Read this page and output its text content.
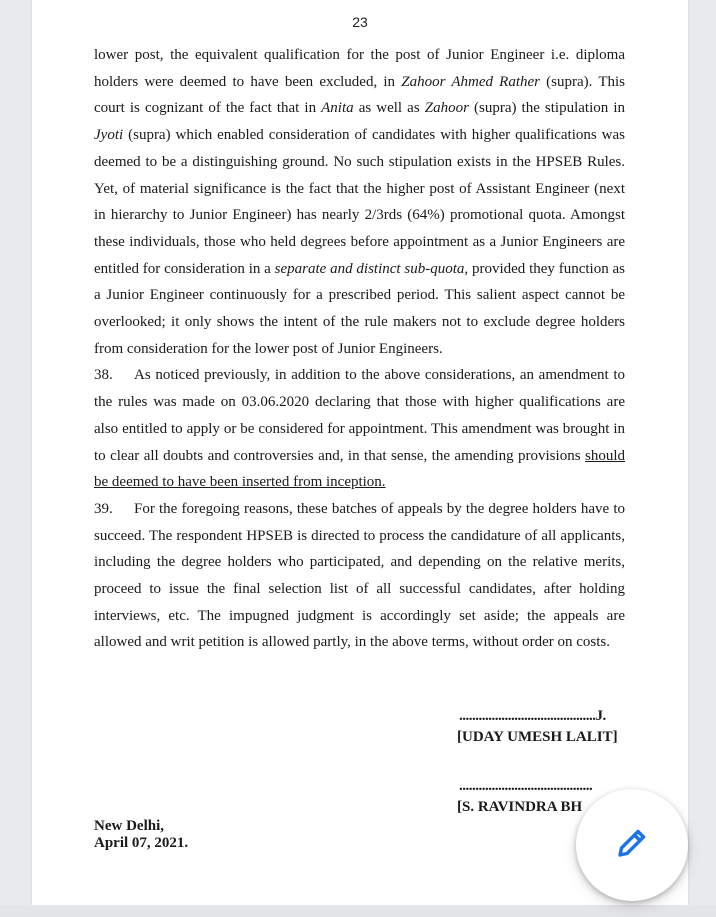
23

lower post, the equivalent qualification for the post of Junior Engineer i.e. diploma holders were deemed to have been excluded, in Zahoor Ahmed Rather (supra). This court is cognizant of the fact that in Anita as well as Zahoor (supra) the stipulation in Jyoti (supra) which enabled consideration of candidates with higher qualifications was deemed to be a distinguishing ground. No such stipulation exists in the HPSEB Rules. Yet, of material significance is the fact that the higher post of Assistant Engineer (next in hierarchy to Junior Engineer) has nearly 2/3rds (64%) promotional quota. Amongst these individuals, those who held degrees before appointment as a Junior Engineers are entitled for consideration in a separate and distinct sub-quota, provided they function as a Junior Engineer continuously for a prescribed period. This salient aspect cannot be overlooked; it only shows the intent of the rule makers not to exclude degree holders from consideration for the lower post of Junior Engineers.

38. As noticed previously, in addition to the above considerations, an amendment to the rules was made on 03.06.2020 declaring that those with higher qualifications are also entitled to apply or be considered for appointment. This amendment was brought in to clear all doubts and controversies and, in that sense, the amending provisions should be deemed to have been inserted from inception.

39. For the foregoing reasons, these batches of appeals by the degree holders have to succeed. The respondent HPSEB is directed to process the candidature of all applicants, including the degree holders who participated, and depending on the relative merits, proceed to issue the final selection list of all successful candidates, after holding interviews, etc. The impugned judgment is accordingly set aside; the appeals are allowed and writ petition is allowed partly, in the above terms, without order on costs.

..........................................J.
[UDAY UMESH LALIT]
.........................................
[S. RAVINDRA BH
New Delhi,
April 07, 2021.
